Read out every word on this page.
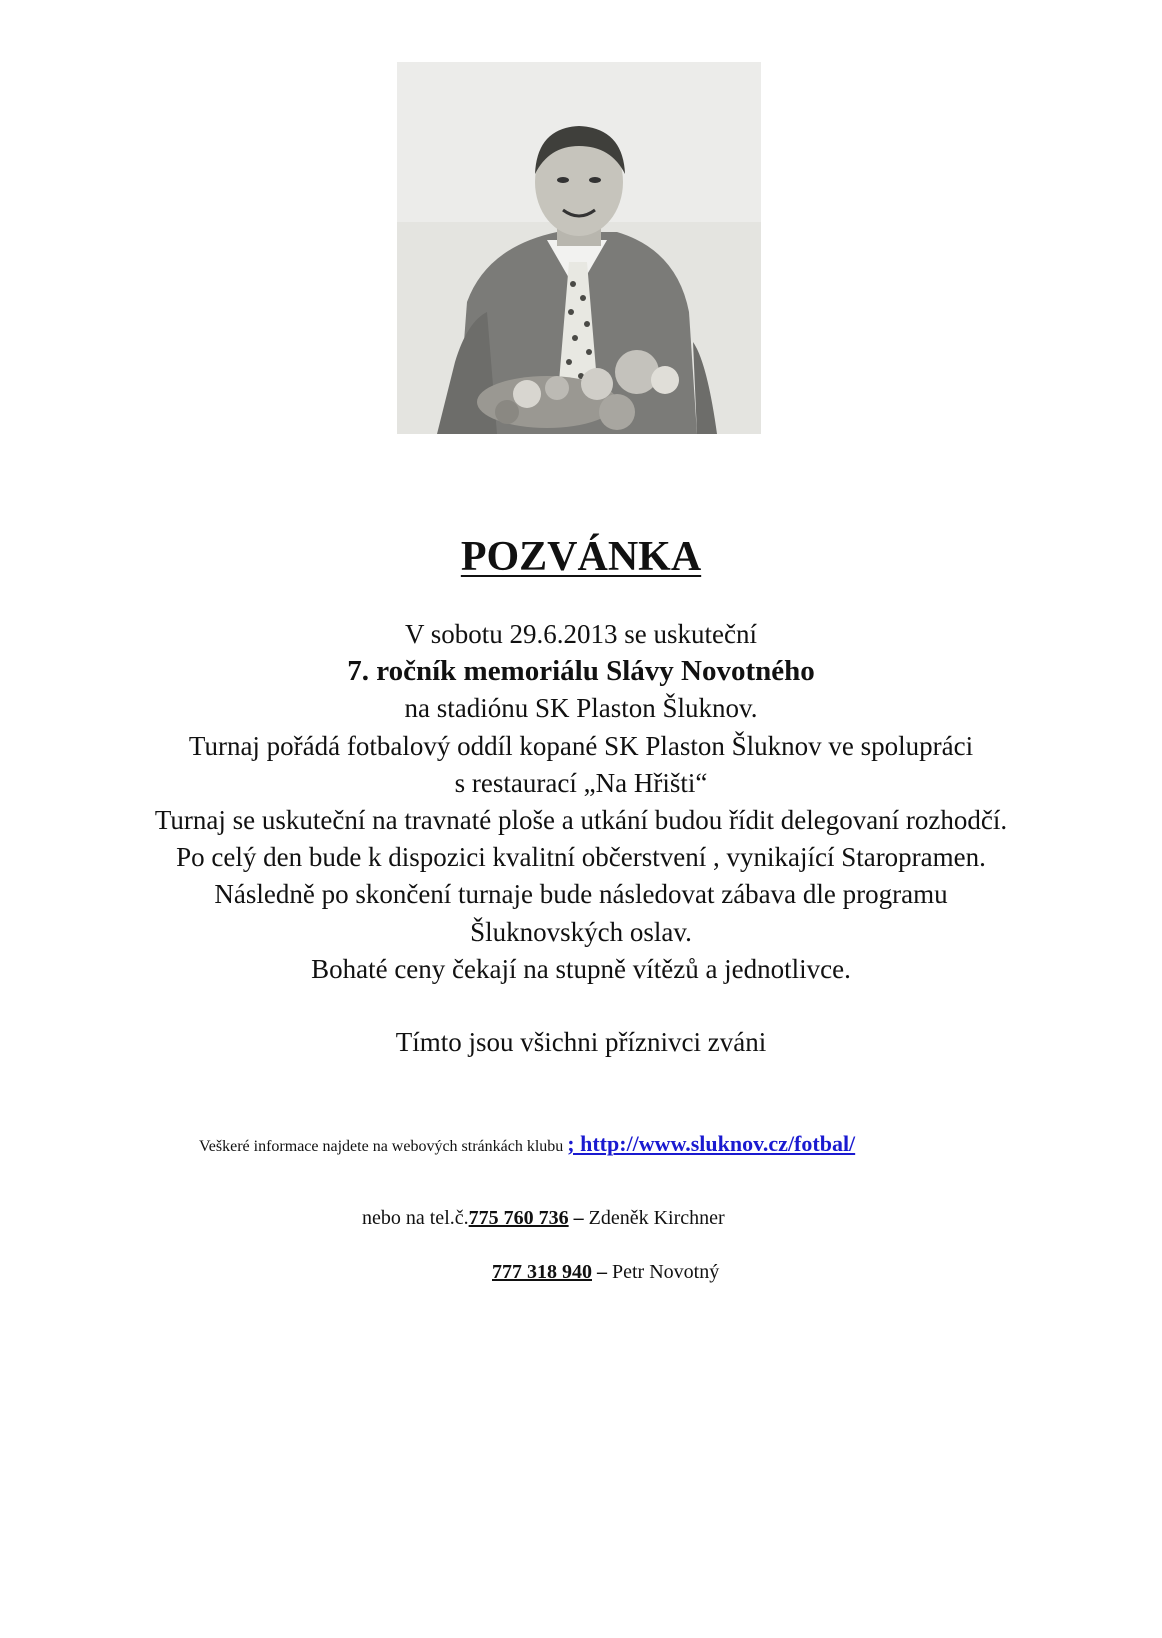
POZVÁNKA
V sobotu 29.6.2013 se uskuteční
7. ročník memoriálu Slávy Novotného
na stadiónu SK Plaston Šluknov.
Turnaj pořádá fotbalový oddíl kopané SK Plaston Šluknov ve spolupráci
s restaurací „Na Hřišti“
Turnaj se uskuteční na travnaté ploše a utkání budou řídit delegovaní rozhodčí.
Po celý den bude k dispozici kvalitní občerstvení , vynikající Staropramen.
Následně po skončení turnaje bude následovat zábava dle programu
Šluknovských oslav.
Bohaté ceny čekají na stupně vítězů a jednotlivce.
Tímto jsou všichni příznivci zváni
Veškeré informace najdete na webových stránkách klubu ; http://www.sluknov.cz/fotbal/
nebo na tel.č.775 760 736 – Zdeněk Kirchner
777 318 940 – Petr Novotný
